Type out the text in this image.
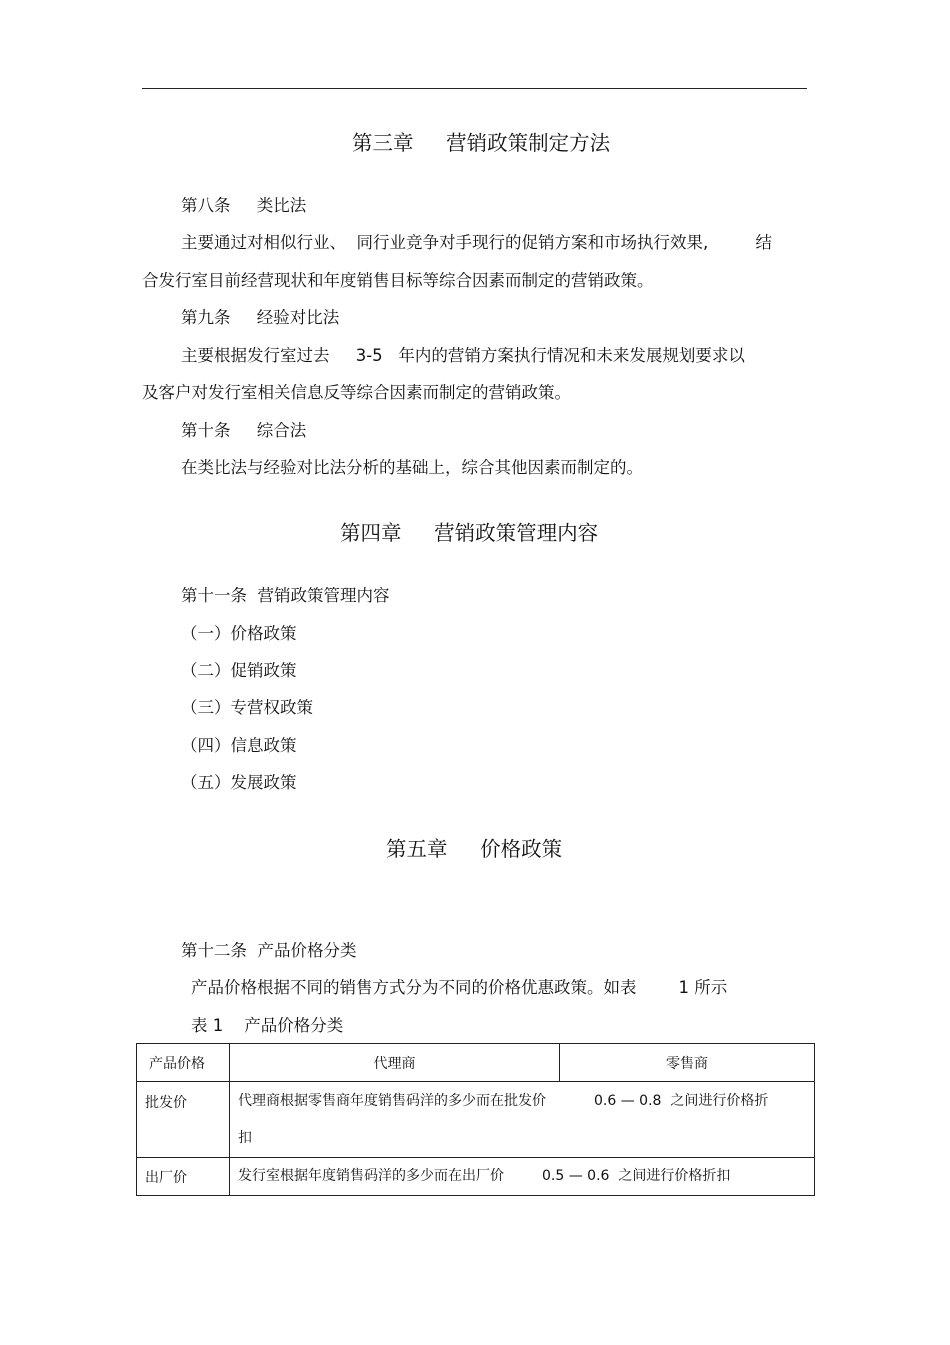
第三章     营销政策制定方法
第八条     类比法
主要通过对相似行业、  同行业竞争对手现行的促销方案和市场执行效果,         结
合发行室目前经营现状和年度销售目标等综合因素而制定的营销政策。
第九条     经验对比法
主要根据发行室过去     3-5   年内的营销方案执行情况和未来发展规划要求以
及客户对发行室相关信息反等综合因素而制定的营销政策。
第十条     综合法
在类比法与经验对比法分析的基础上，综合其他因素而制定的。
第四章     营销政策管理内容
第十一条  营销政策管理内容
（一）价格政策
（二）促销政策
（三）专营权政策
（四）信息政策
（五）发展政策
第五章     价格政策
第十二条  产品价格分类
产品价格根据不同的销售方式分为不同的价格优惠政策。如表        1 所示
表 1    产品价格分类
产品价格	代理商	零售商
批发价	代理商根据零售商年度销售码洋的多少而在批发价 0.6 — 0.8 之间进行价格折
扣	
出厂价	发行室根据年度销售码洋的多少而在出厂价 0.5 — 0.6 之间进行价格折扣	
